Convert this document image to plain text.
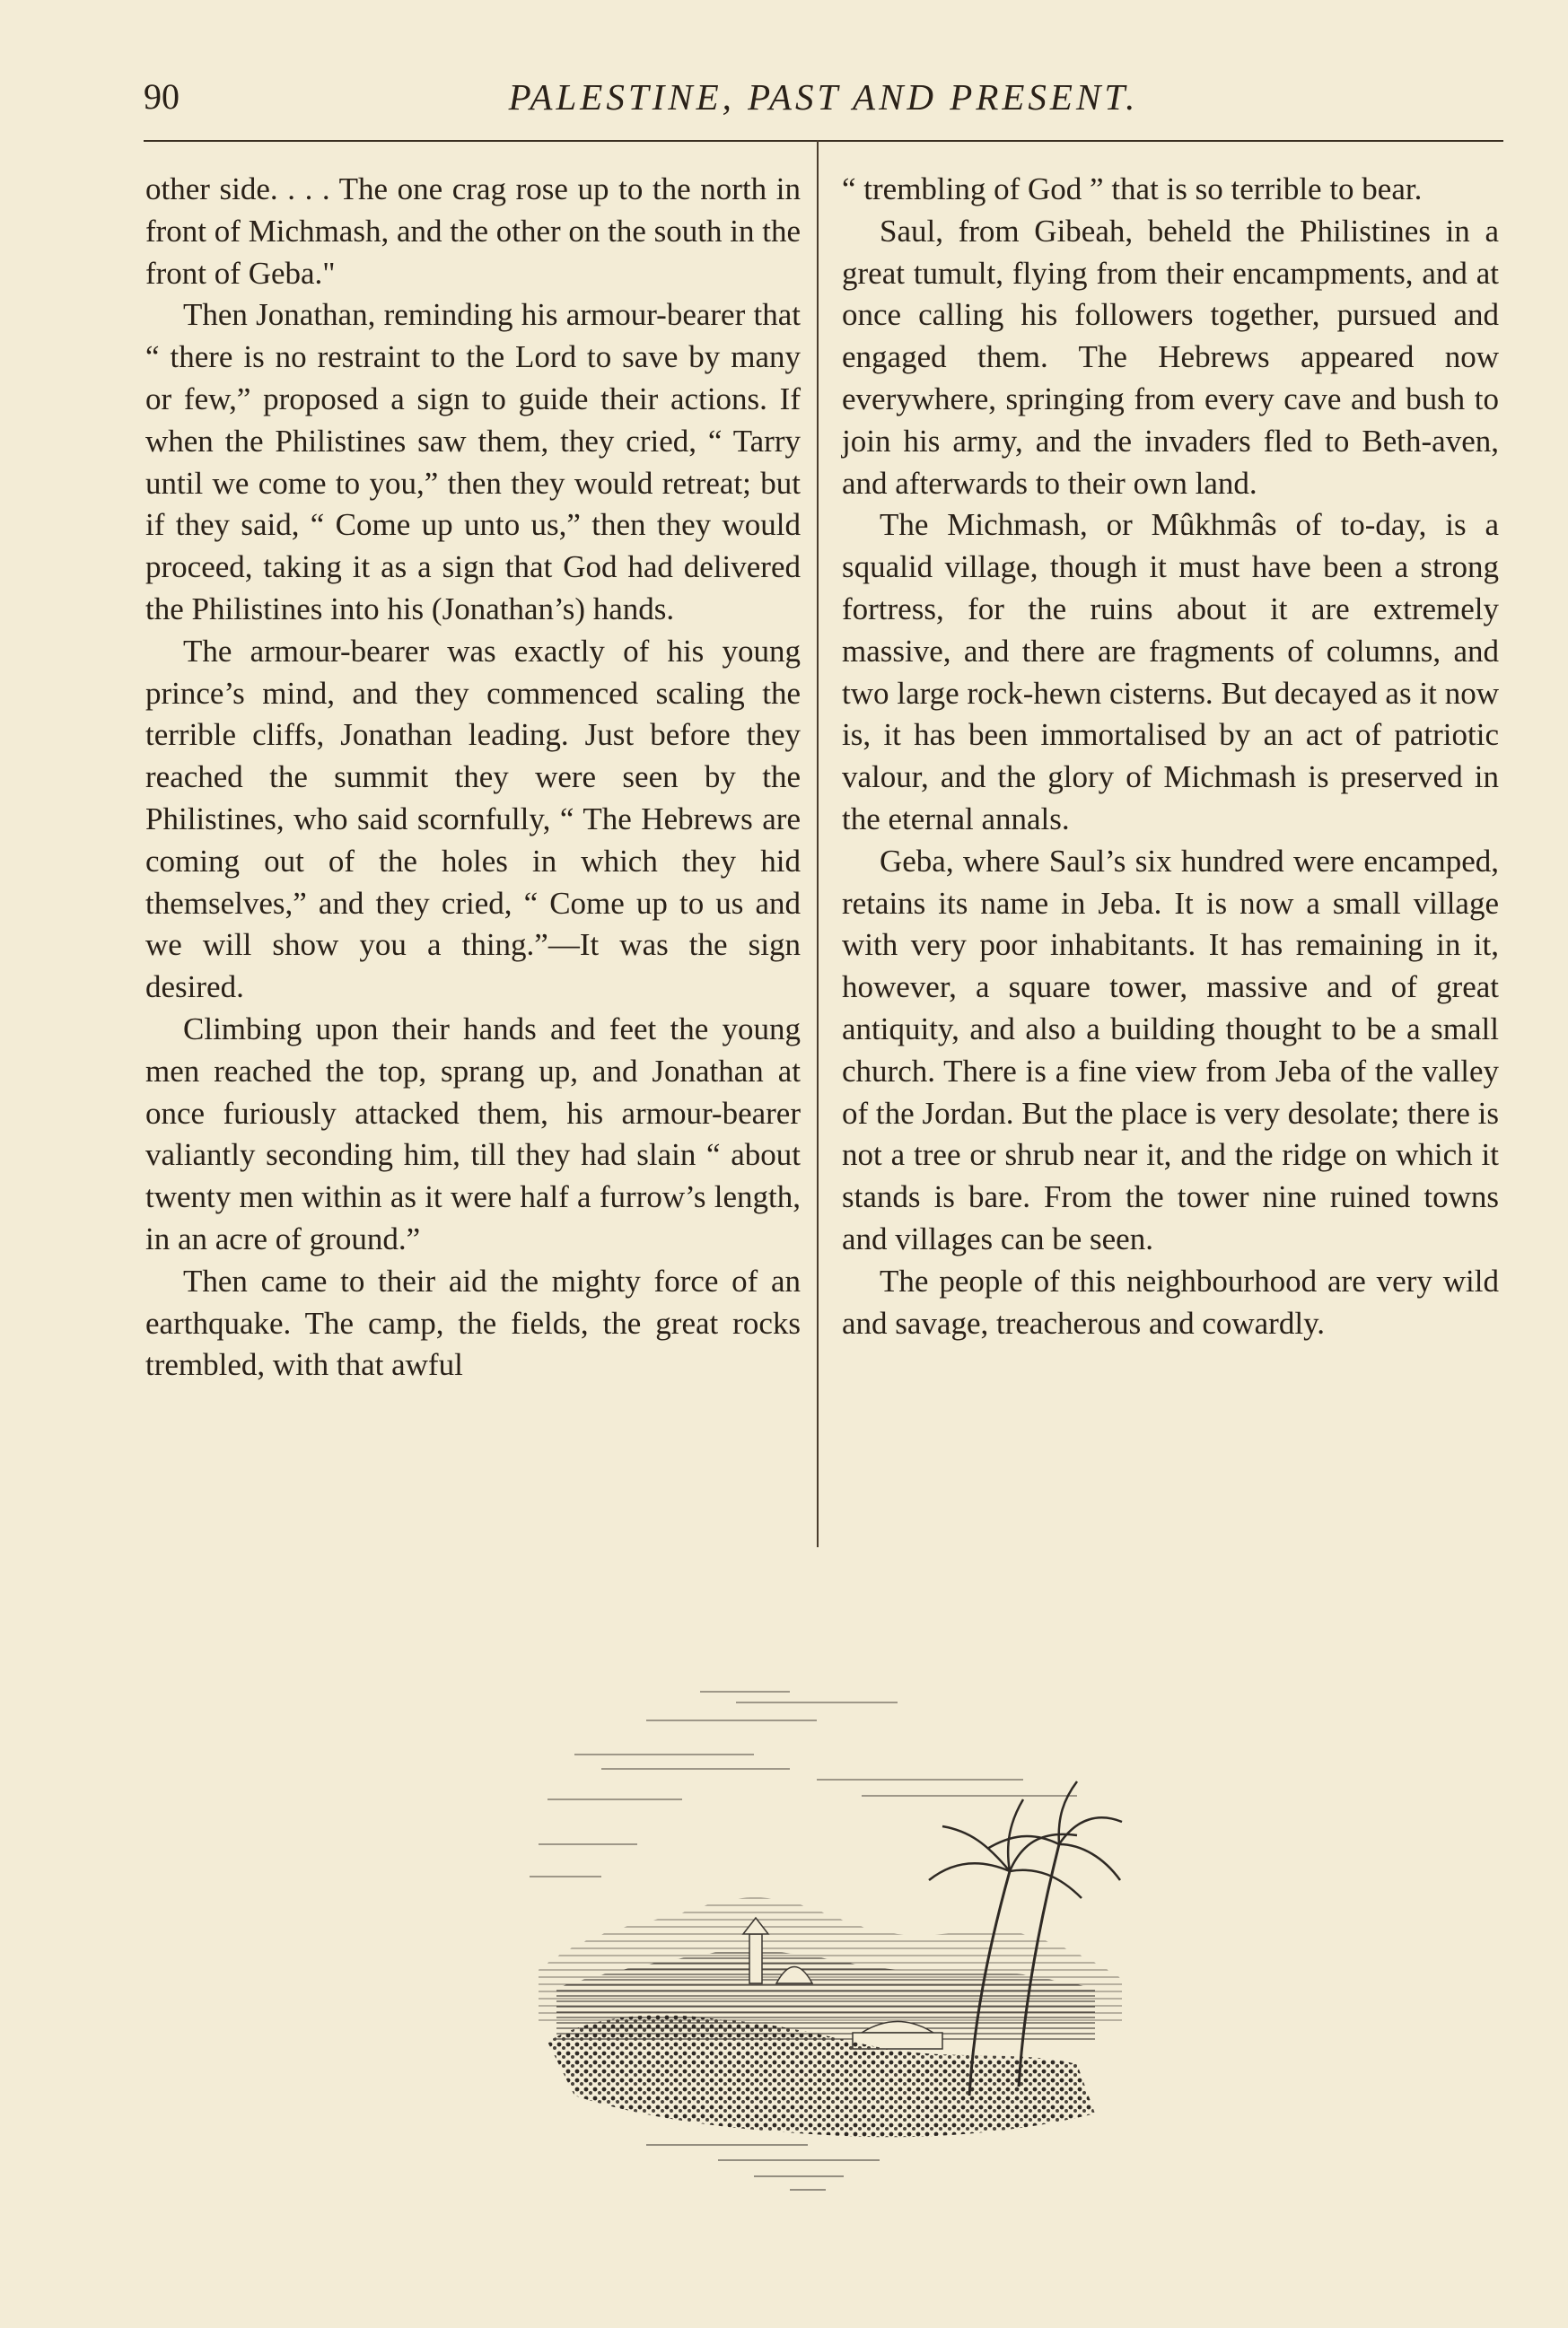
90	PALESTINE, PAST AND PRESENT.

other side. . . . The one crag rose up to the north in front of Michmash, and the other on the south in the front of Geba."

Then Jonathan, reminding his armour-bearer that “ there is no restraint to the Lord to save by many or few,” proposed a sign to guide their actions. If when the Philistines saw them, they cried, “ Tarry until we come to you,” then they would retreat; but if they said, “ Come up unto us,” then they would proceed, taking it as a sign that God had delivered the Philistines into his (Jonathan’s) hands.

The armour-bearer was exactly of his young prince’s mind, and they commenced scaling the terrible cliffs, Jonathan leading. Just before they reached the summit they were seen by the Philistines, who said scornfully, “ The Hebrews are coming out of the holes in which they hid themselves,” and they cried, “ Come up to us and we will show you a thing.”—It was the sign desired.

Climbing upon their hands and feet the young men reached the top, sprang up, and Jonathan at once furiously attacked them, his armour-bearer valiantly seconding him, till they had slain “ about twenty men within as it were half a furrow’s length, in an acre of ground.”

Then came to their aid the mighty force of an earthquake. The camp, the fields, the great rocks trembled, with that awful

“ trembling of God ” that is so terrible to bear.

Saul, from Gibeah, beheld the Philistines in a great tumult, flying from their encampments, and at once calling his followers together, pursued and engaged them. The Hebrews appeared now everywhere, springing from every cave and bush to join his army, and the invaders fled to Beth-aven, and afterwards to their own land.

The Michmash, or Mûkhmâs of to-day, is a squalid village, though it must have been a strong fortress, for the ruins about it are extremely massive, and there are fragments of columns, and two large rock-hewn cisterns. But decayed as it now is, it has been immortalised by an act of patriotic valour, and the glory of Michmash is preserved in the eternal annals.

Geba, where Saul’s six hundred were encamped, retains its name in Jeba. It is now a small village with very poor inhabitants. It has remaining in it, however, a square tower, massive and of great antiquity, and also a building thought to be a small church. There is a fine view from Jeba of the valley of the Jordan. But the place is very desolate; there is not a tree or shrub near it, and the ridge on which it stands is bare. From the tower nine ruined towns and villages can be seen.

The people of this neighbourhood are very wild and savage, treacherous and cowardly.
